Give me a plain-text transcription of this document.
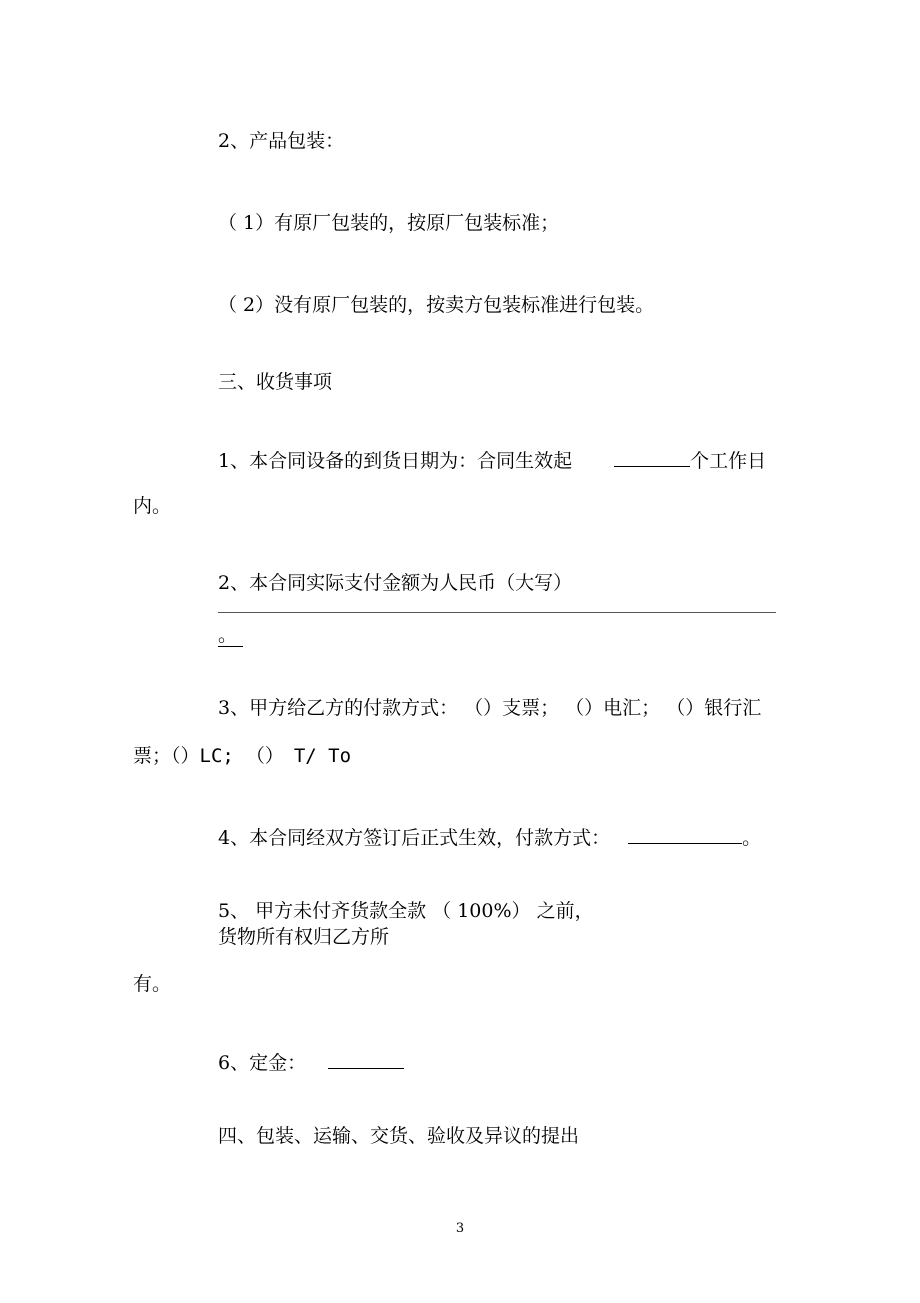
2、产品包装：
（ 1）有原厂包装的，按原厂包装标准；
（ 2）没有原厂包装的，按卖方包装标准进行包装。
三、收货事项
1、本合同设备的到货日期为：合同生效起	个工作日
内。
2、本合同实际支付金额为人民币（大写）
。
3、甲方给乙方的付款方式： （）支票； （）电汇； （）银行汇
票；（）LC; （） T/ To
4、本合同经双方签订后正式生效，付款方式：	。
5、 甲方未付齐货款全款 （ 100%） 之前，
货物所有权归乙方所
有。
6、定金：
四、包装、运输、交货、验收及异议的提出
3
